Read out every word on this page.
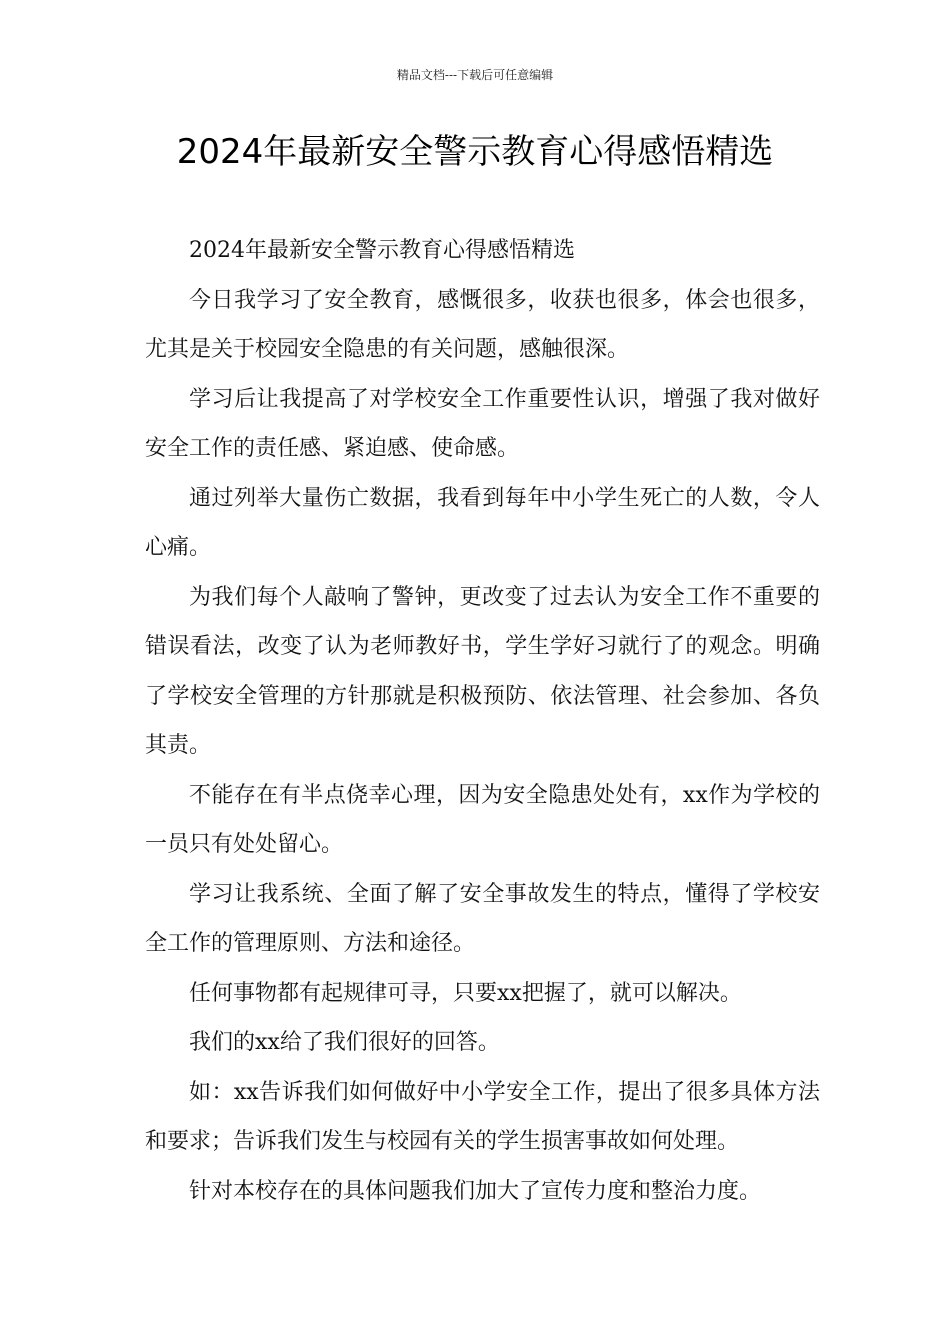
精品文档---下载后可任意编辑
2024年最新安全警示教育心得感悟精选

2024年最新安全警示教育心得感悟精选

今日我学习了安全教育，感慨很多，收获也很多，体会也很多，尤其是关于校园安全隐患的有关问题，感触很深。

学习后让我提高了对学校安全工作重要性认识，增强了我对做好安全工作的责任感、紧迫感、使命感。

通过列举大量伤亡数据，我看到每年中小学生死亡的人数，令人心痛。

为我们每个人敲响了警钟，更改变了过去认为安全工作不重要的错误看法，改变了认为老师教好书，学生学好习就行了的观念。明确了学校安全管理的方针那就是积极预防、依法管理、社会参加、各负其责。

不能存在有半点侥幸心理，因为安全隐患处处有，xx作为学校的一员只有处处留心。

学习让我系统、全面了解了安全事故发生的特点，懂得了学校安全工作的管理原则、方法和途径。

任何事物都有起规律可寻，只要xx把握了，就可以解决。

我们的xx给了我们很好的回答。

如：xx告诉我们如何做好中小学安全工作，提出了很多具体方法和要求；告诉我们发生与校园有关的学生损害事故如何处理。

针对本校存在的具体问题我们加大了宣传力度和整治力度。
